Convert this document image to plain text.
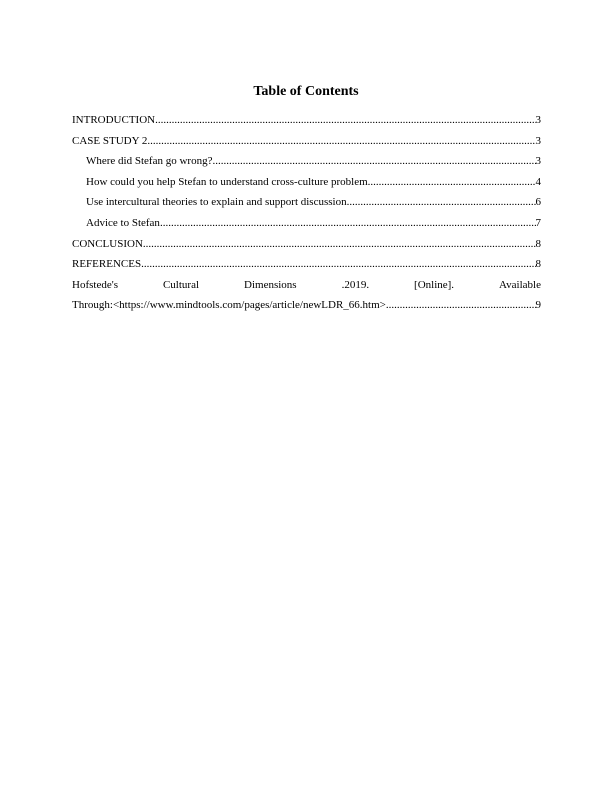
Table of Contents
INTRODUCTION .....	3
CASE STUDY 2 .....	3
Where did Stefan go wrong? .....	3
How could you help Stefan to understand cross-culture problem .....	4
Use intercultural theories to explain and support discussion .....	6
Advice to Stefan .....	7
CONCLUSION .....	8
REFERENCES .....	8
Hofstede's	Cultural	Dimensions	.2019.	[Online].	Available
Through:<https://www.mindtools.com/pages/article/newLDR_66.htm> .....	9
